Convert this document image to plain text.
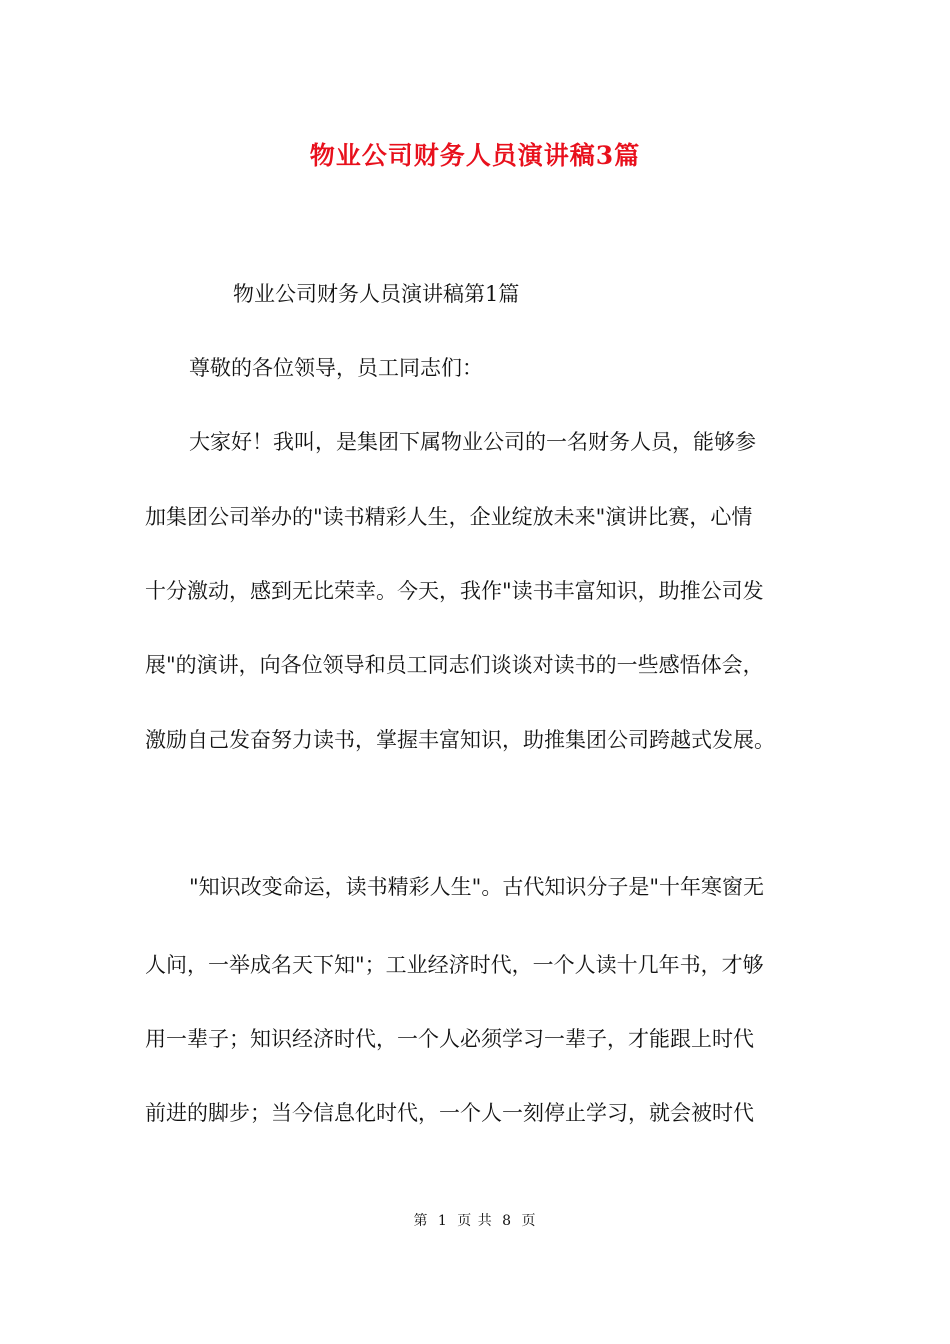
物业公司财务人员演讲稿3篇
物业公司财务人员演讲稿第1篇
尊敬的各位领导，员工同志们：
大家好！我叫，是集团下属物业公司的一名财务人员，能够参
加集团公司举办的"读书精彩人生，企业绽放未来"演讲比赛，心情
十分激动，感到无比荣幸。今天，我作"读书丰富知识，助推公司发
展"的演讲，向各位领导和员工同志们谈谈对读书的一些感悟体会，
激励自己发奋努力读书，掌握丰富知识，助推集团公司跨越式发展。
"知识改变命运，读书精彩人生"。古代知识分子是"十年寒窗无
人问，一举成名天下知"；工业经济时代，一个人读十几年书，才够
用一辈子；知识经济时代，一个人必须学习一辈子，才能跟上时代
前进的脚步；当今信息化时代，一个人一刻停止学习，就会被时代
第 1 页 共 8 页
